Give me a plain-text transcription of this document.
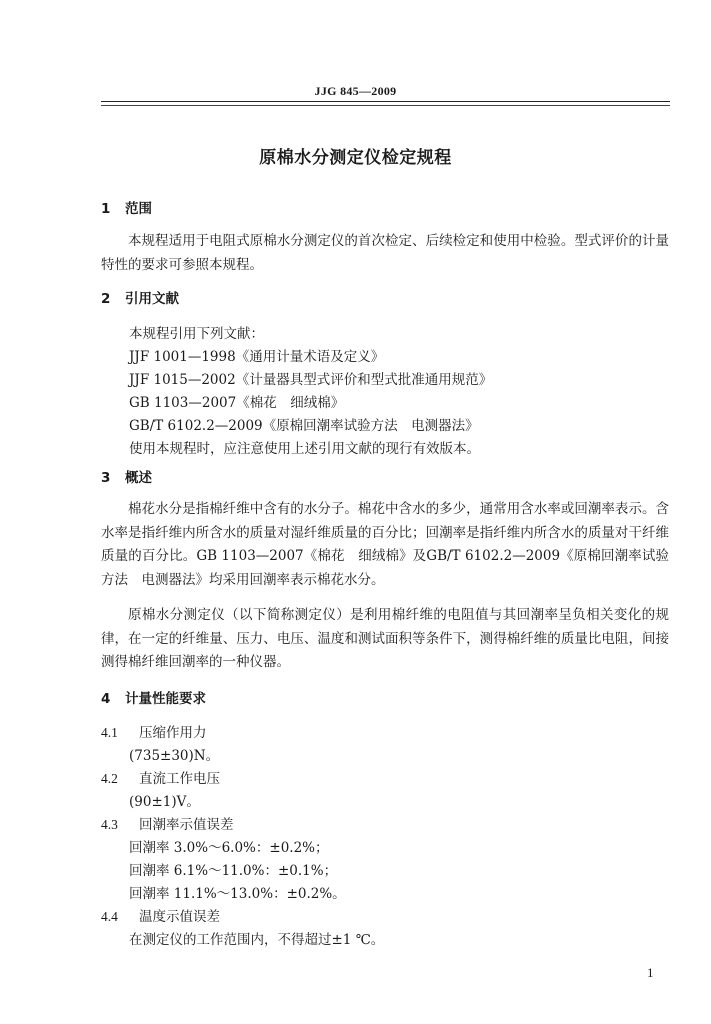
JJG 845—2009
原棉水分测定仪检定规程
1 范围
本规程适用于电阻式原棉水分测定仪的首次检定、后续检定和使用中检验。型式评价的计量特性的要求可参照本规程。
2 引用文献
本规程引用下列文献：
JJF 1001—1998《通用计量术语及定义》
JJF 1015—2002《计量器具型式评价和型式批准通用规范》
GB 1103—2007《棉花　细绒棉》
GB/T 6102.2—2009《原棉回潮率试验方法　电测器法》
使用本规程时，应注意使用上述引用文献的现行有效版本。
3 概述
棉花水分是指棉纤维中含有的水分子。棉花中含水的多少，通常用含水率或回潮率表示。含水率是指纤维内所含水的质量对湿纤维质量的百分比；回潮率是指纤维内所含水的质量对干纤维质量的百分比。GB 1103—2007《棉花　细绒棉》及GB/T 6102.2—2009《原棉回潮率试验方法　电测器法》均采用回潮率表示棉花水分。
原棉水分测定仪（以下简称测定仪）是利用棉纤维的电阻值与其回潮率呈负相关变化的规律，在一定的纤维量、压力、电压、温度和测试面积等条件下，测得棉纤维的质量比电阻，间接测得棉纤维回潮率的一种仪器。
4 计量性能要求
4.1 压缩作用力
(735±30)N。
4.2 直流工作电压
(90±1)V。
4.3 回潮率示值误差
回潮率 3.0%～6.0%：±0.2%；
回潮率 6.1%～11.0%：±0.1%；
回潮率 11.1%～13.0%：±0.2%。
4.4 温度示值误差
在测定仪的工作范围内，不得超过±1 ℃。
1
